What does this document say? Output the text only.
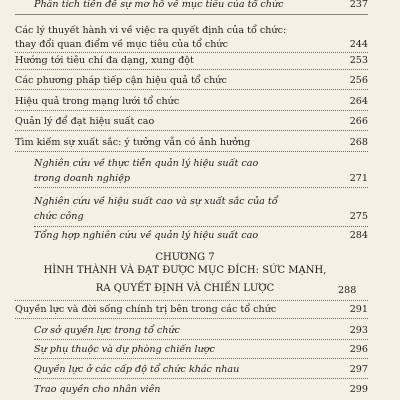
Phân tích tiền đề sự mơ hồ về mục tiêu của tổ chức	237
Các lý thuyết hành vi về việc ra quyết định của tổ chức:
thay đổi quan điểm về mục tiêu của tổ chức	244
Hướng tới tiêu chí đa dạng, xung đột	253
Các phương pháp tiếp cận hiệu quả tổ chức	256
Hiệu quả trong mạng lưới tổ chức	264
Quản lý để đạt hiệu suất cao	266
Tìm kiếm sự xuất sắc: ý tưởng vẫn có ảnh hưởng	268
Nghiên cứu về thực tiễn quản lý hiệu suất cao
trong doanh nghiệp	271
Nghiên cứu về hiệu suất cao và sự xuất sắc của tổ
chức công	275
Tổng hợp nghiên cứu về quản lý hiệu suất cao	284
CHƯƠNG 7
HÌNH THÀNH VÀ ĐẠT ĐƯỢC MỤC ĐÍCH: SỨC MẠNH,
RA QUYẾT ĐỊNH VÀ CHIẾN LƯỢC	288
Quyền lực và đời sống chính trị bên trong các tổ chức	291
Cơ sở quyền lực trong tổ chức	293
Sự phụ thuộc và dự phòng chiến lược	296
Quyền lực ở các cấp độ tổ chức khác nhau	297
Trao quyền cho nhân viên	299
